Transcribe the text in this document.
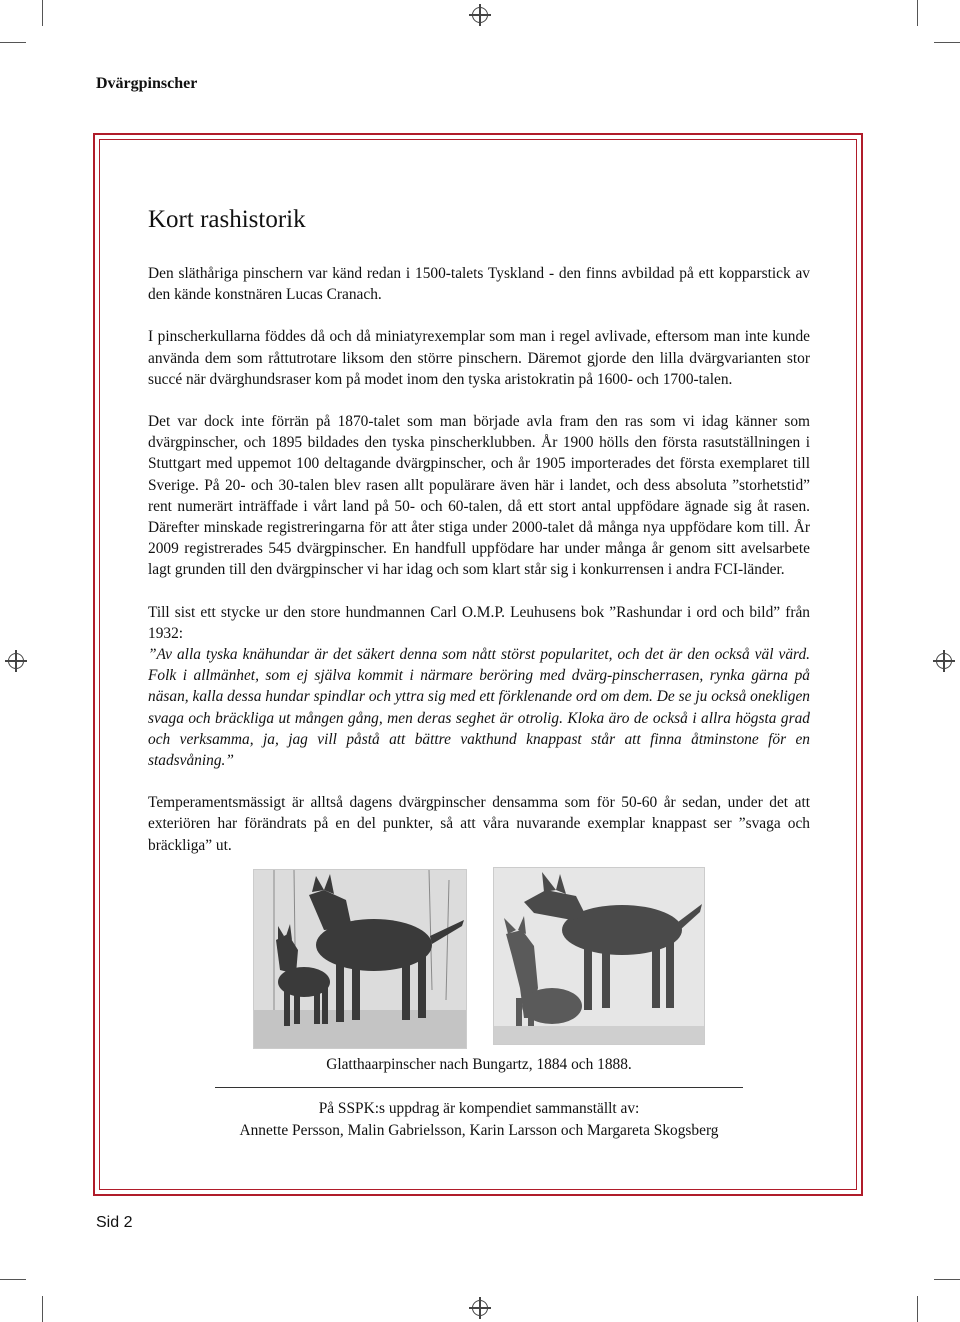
Dvärgpinscher
Kort rashistorik

Den släthåriga pinschern var känd redan i 1500-talets Tyskland - den finns avbildad på ett kopparstick av den kände konstnären Lucas Cranach.

I pinscherkullarna föddes då och då miniatyrexemplar som man i regel avlivade, eftersom man inte kunde använda dem som råttutrotare liksom den större pinschern. Däremot gjorde den lilla dvärgvarianten stor succé när dvärghundsraser kom på modet inom den tyska aristokratin på 1600- och 1700-talen.

Det var dock inte förrän på 1870-talet som man började avla fram den ras som vi idag känner som dvärgpinscher, och 1895 bildades den tyska pinscherklubben. År 1900 hölls den första rasutställningen i Stuttgart med uppemot 100 deltagande dvärgpinscher, och år 1905 importerades det första exemplaret till Sverige. På 20- och 30-talen blev rasen allt populärare även här i landet, och dess absoluta ”storhetstid” rent numerärt inträffade i vårt land på 50- och 60-talen, då ett stort antal uppfödare ägnade sig åt rasen. Därefter minskade registreringarna för att åter stiga under 2000-talet då många nya uppfödare kom till. År 2009 registrerades 545 dvärgpinscher. En handfull uppfödare har under många år genom sitt avelsarbete lagt grunden till den dvärgpinscher vi har idag och som klart står sig i konkurrensen i andra FCI-länder.

Till sist ett stycke ur den store hundmannen Carl O.M.P. Leuhusens bok ”Rashundar i ord och bild” från 1932:
”Av alla tyska knähundar är det säkert denna som nått störst popularitet, och det är den också väl värd. Folk i allmänhet, som ej själva kommit i närmare beröring med dvärg-pinscherrasen, rynka gärna på näsan, kalla dessa hundar spindlar och yttra sig med ett förklenande ord om dem. De se ju också onekligen svaga och bräckliga ut mången gång, men deras seghet är otrolig. Kloka äro de också i allra högsta grad och verksamma, ja, jag vill påstå att bättre vakthund knappast står att finna åtminstone för en stadsvåning.”

Temperamentsmässigt är alltså dagens dvärgpinscher densamma som för 50-60 år sedan, under det att exteriören har förändrats på en del punkter, så att våra nuvarande exemplar knappast ser ”svaga och bräckliga” ut.

Glatthaarpinscher nach Bungartz, 1884 och 1888.
På SSPK:s uppdrag är kompendiet sammanställt av:
Annette Persson, Malin Gabrielsson, Karin Larsson och Margareta Skogsberg
Sid 2
